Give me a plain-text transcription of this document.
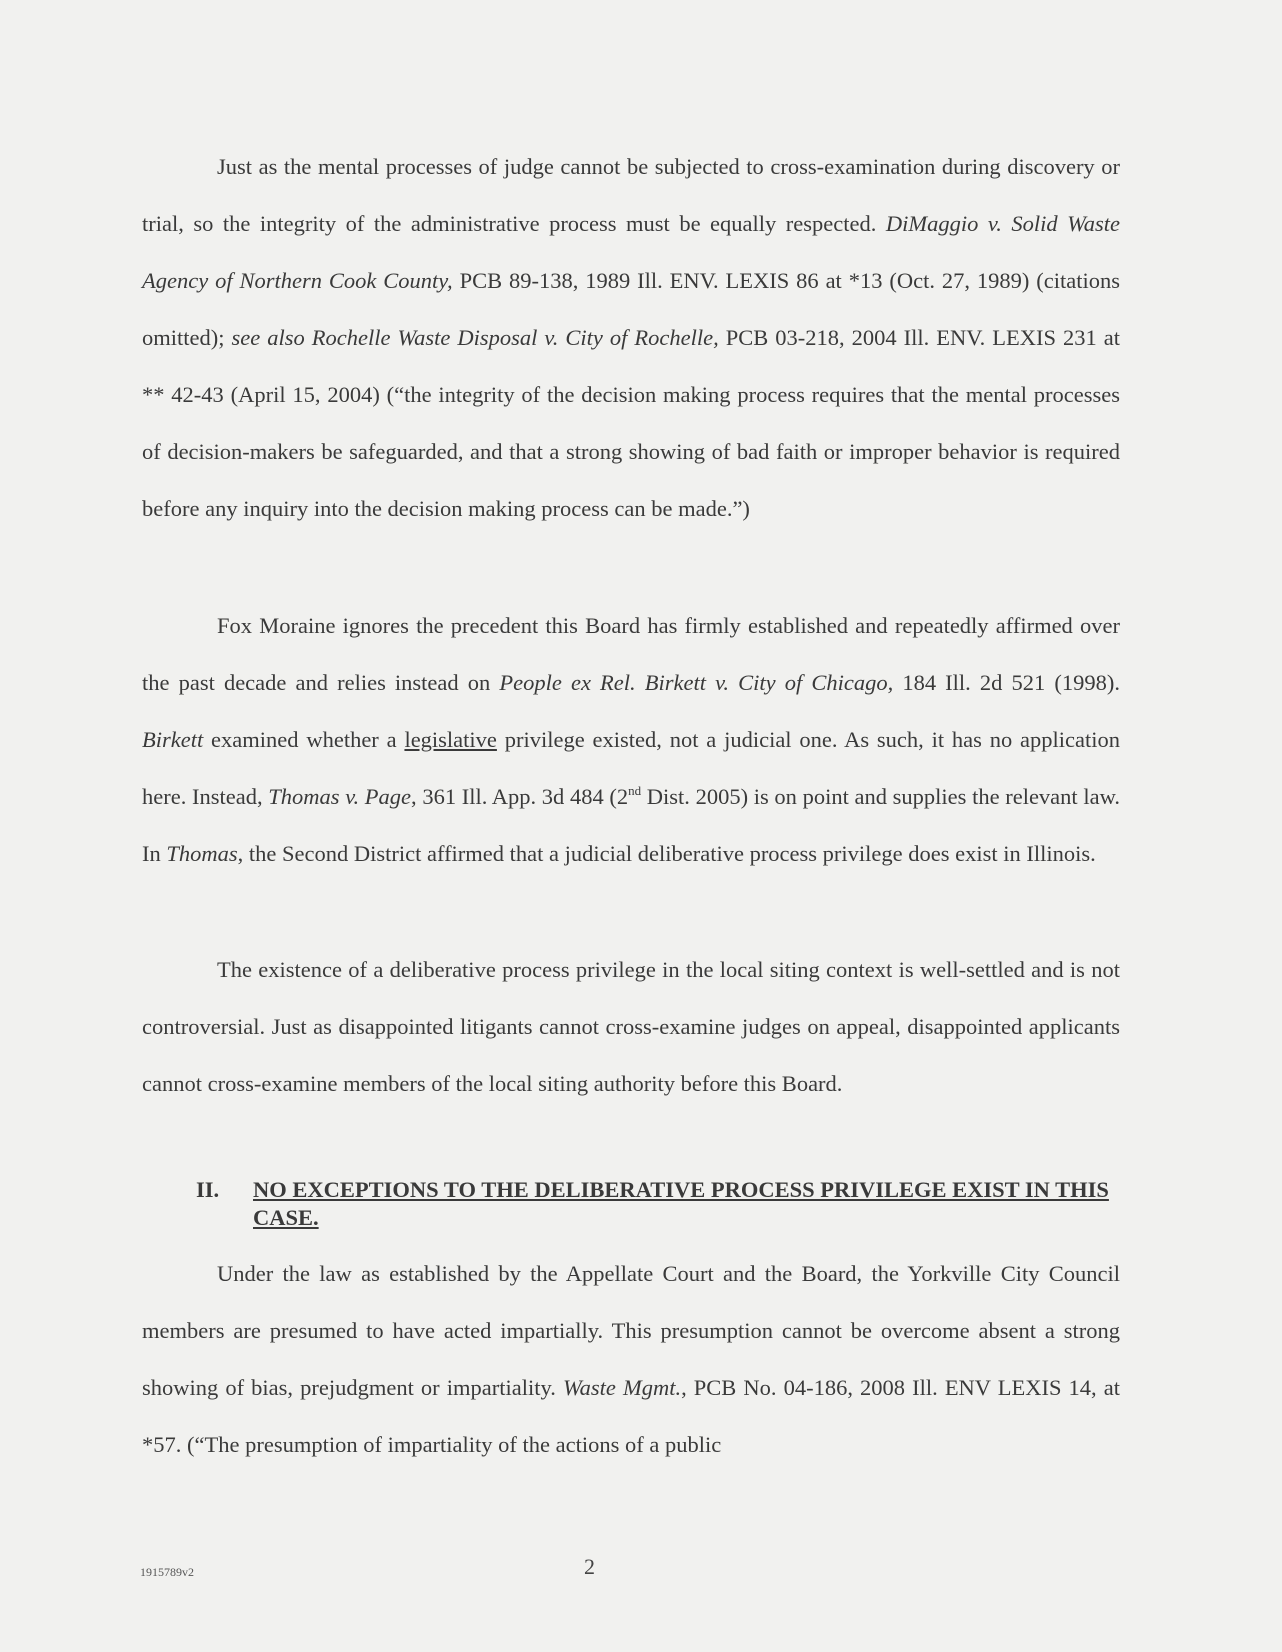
Just as the mental processes of judge cannot be subjected to cross-examination during discovery or trial, so the integrity of the administrative process must be equally respected. DiMaggio v. Solid Waste Agency of Northern Cook County, PCB 89-138, 1989 Ill. ENV. LEXIS 86 at *13 (Oct. 27, 1989) (citations omitted); see also Rochelle Waste Disposal v. City of Rochelle, PCB 03-218, 2004 Ill. ENV. LEXIS 231 at ** 42-43 (April 15, 2004) (“the integrity of the decision making process requires that the mental processes of decision-makers be safeguarded, and that a strong showing of bad faith or improper behavior is required before any inquiry into the decision making process can be made.”)

Fox Moraine ignores the precedent this Board has firmly established and repeatedly affirmed over the past decade and relies instead on People ex Rel. Birkett v. City of Chicago, 184 Ill. 2d 521 (1998). Birkett examined whether a legislative privilege existed, not a judicial one. As such, it has no application here. Instead, Thomas v. Page, 361 Ill. App. 3d 484 (2nd Dist. 2005) is on point and supplies the relevant law. In Thomas, the Second District affirmed that a judicial deliberative process privilege does exist in Illinois.

The existence of a deliberative process privilege in the local siting context is well-settled and is not controversial. Just as disappointed litigants cannot cross-examine judges on appeal, disappointed applicants cannot cross-examine members of the local siting authority before this Board.

II.	NO EXCEPTIONS TO THE DELIBERATIVE PROCESS PRIVILEGE EXIST IN THIS CASE.

Under the law as established by the Appellate Court and the Board, the Yorkville City Council members are presumed to have acted impartially. This presumption cannot be overcome absent a strong showing of bias, prejudgment or impartiality. Waste Mgmt., PCB No. 04-186, 2008 Ill. ENV LEXIS 14, at *57. (“The presumption of impartiality of the actions of a public

1915789v2	2
